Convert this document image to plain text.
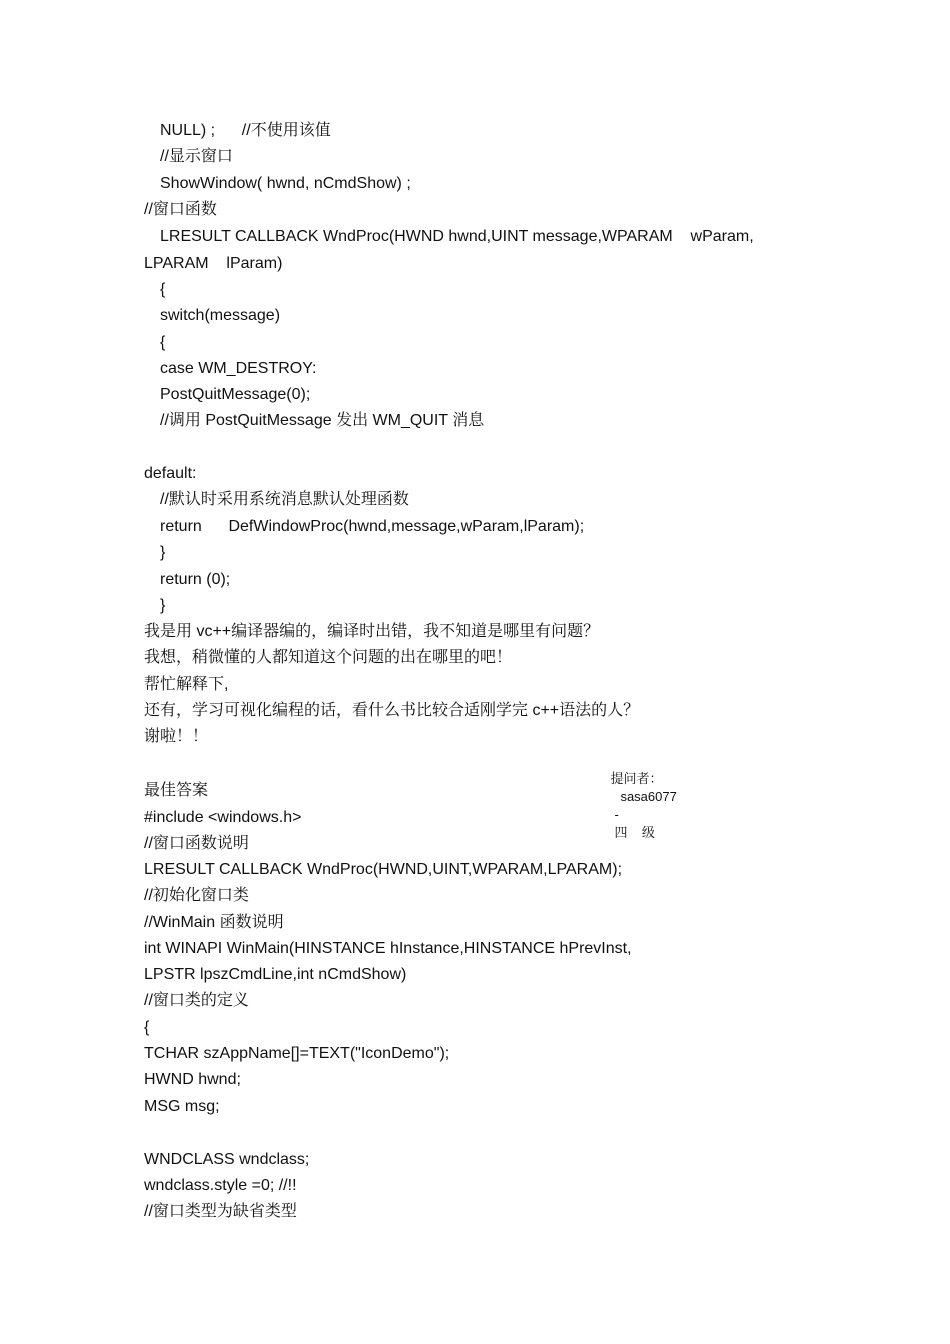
NULL) ;      //不使用该值
//显示窗口
ShowWindow( hwnd, nCmdShow) ;
//窗口函数
LRESULT CALLBACK WndProc(HWND hwnd,UINT message,WPARAM    wParam,
LPARAM    lParam)
{
switch(message)
{
case WM_DESTROY:
PostQuitMessage(0);
//调用 PostQuitMessage 发出 WM_QUIT 消息
default:
//默认时采用系统消息默认处理函数
return      DefWindowProc(hwnd,message,wParam,lParam);
}
return (0);
}
我是用 vc++编译器编的，编译时出错，我不知道是哪里有问题？
我想，稍微懂的人都知道这个问题的出在哪里的吧！
帮忙解释下,
还有，学习可视化编程的话，看什么书比较合适刚学完 c++语法的人？
谢啦！！

提问者：
sasa6077
-
四    级

最佳答案
#include <windows.h>
//窗口函数说明
LRESULT CALLBACK WndProc(HWND,UINT,WPARAM,LPARAM);
//初始化窗口类
//WinMain 函数说明
int WINAPI WinMain(HINSTANCE hInstance,HINSTANCE hPrevInst,
LPSTR lpszCmdLine,int nCmdShow)
//窗口类的定义
{
TCHAR szAppName[]=TEXT("IconDemo");
HWND hwnd;
MSG msg;
WNDCLASS wndclass;
wndclass.style =0; //!!
//窗口类型为缺省类型
